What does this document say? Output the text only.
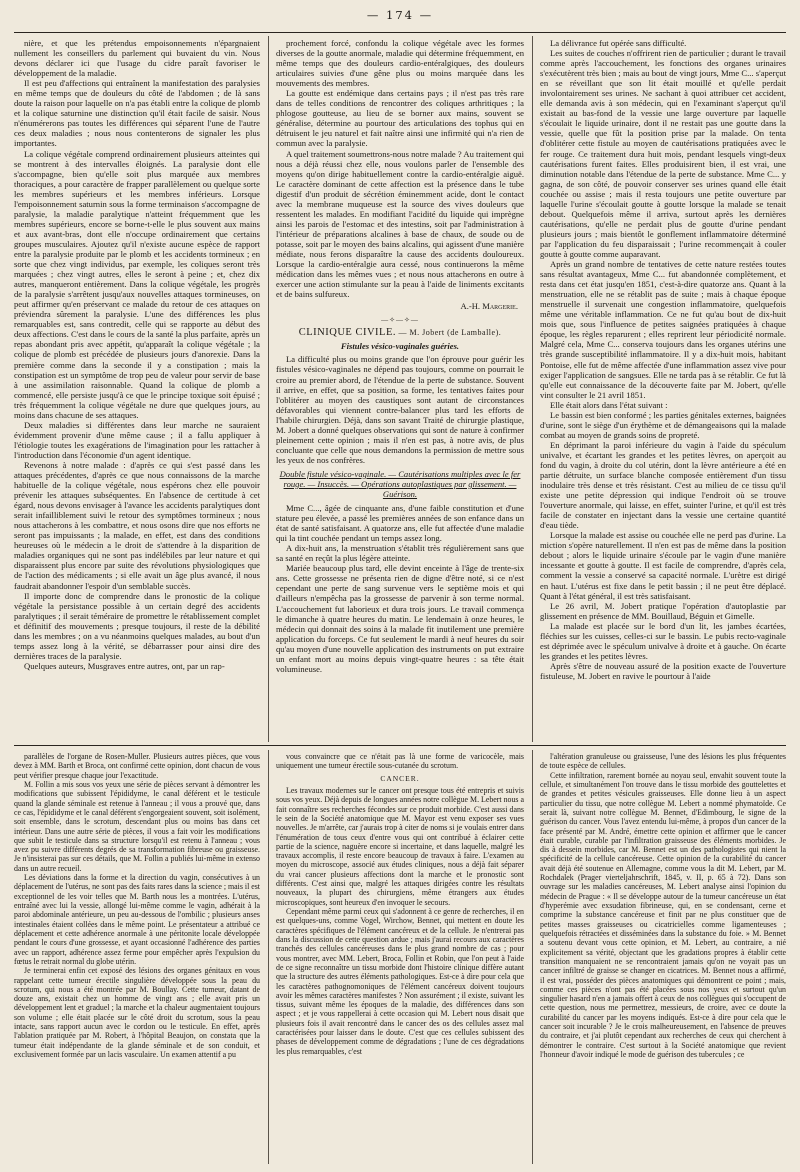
— 174 —

nière, et que les prétendus empoisonnements n'épargnaient nullement les conseillers du parlement qui buvaient du vin. Nous devons déclarer ici que l'usage du cidre paraît favoriser le développement de la maladie.

Il est peu d'affections qui entraînent la manifestation des paralysies en même temps que de douleurs du côté de l'abdomen ; de là sans doute la raison pour laquelle on n'a pas établi entre la colique de plomb et la colique saturnine une distinction qu'il était facile de saisir. Nous n'énumérerons pas toutes les différences qui séparent l'une de l'autre ces deux maladies ; nous nous contenterons de signaler les plus importantes.

La colique végétale comprend ordinairement plusieurs atteintes qui se montrent à des intervalles éloignés. La paralysie dont elle s'accompagne, bien qu'elle soit plus marquée aux membres thoraciques, a pour caractère de frapper parallèlement ou quelque sorte les membres supérieurs et les membres inférieurs. Lorsque l'empoisonnement saturnin sous la forme terminaison s'accompagne de paralysie, la maladie paralytique n'atteint fréquemment que les membres supérieurs, encore se borne-t-elle le plus souvent aux mains et aux avant-bras, dont elle n'occupe ordinairement que certains groupes musculaires. Ajoutez qu'il n'existe aucune espèce de rapport entre la paralysie produite par le plomb et les accidents tormineux ; en sorte que chez vingt individus, par exemple, les coliques seront très marquées ; chez vingt autres, elles le seront à peine ; et, chez dix autres, manqueront entièrement. Dans la colique végétale, les progrès de la paralysie s'arrêtent jusqu'aux nouvelles attaques tormineuses, on peut affirmer qu'en préservant ce malade du retour de ces attaques on préviendra sûrement la paralysie. L'une des différences les plus remarquables est, sans contredit, celle qui se rapporte au début des deux affections. C'est dans le cours de la santé la plus parfaite, après un repas abondant pris avec appétit, qu'apparaît la colique végétale ; la colique de plomb est précédée de plusieurs jours d'anorexie. Dans la première comme dans la seconde il y a constipation ; mais la constipation est un symptôme de trop peu de valeur pour servir de base à une assimilation raisonnable. Quand la colique de plomb a commencé, elle persiste jusqu'à ce que le principe toxique soit épuisé ; très fréquemment la colique végétale ne dure que quelques jours, au moins dans chacune de ses attaques.

Deux maladies si différentes dans leur marche ne sauraient évidemment provenir d'une même cause ; il a fallu appliquer à l'étiologie toutes les exagérations de l'imagination pour les rattacher à l'introduction dans l'économie d'un agent identique.

Revenons à notre malade : d'après ce qui s'est passé dans les attaques précédentes, d'après ce que nous connaissons de la marche habituelle de la colique végétale, nous espérons chez elle pouvoir prévenir les attaques subséquentes. En l'absence de certitude à cet égard, nous devons envisager à l'avance les accidents paralytiques dont serait infailliblement suivi le retour des symptômes tormineux ; nous nous attacherons à les combattre, et nous osons dire que nos efforts ne seront pas impuissants ; la malade, en effet, est dans des conditions heureuses où le médecin a le droit de s'attendre à la disparition de maladies organiques qui ne sont pas indélébiles par leur nature et qui disparaissent plus encore par suite des révolutions physiologiques que de l'action des médicaments ; si elle avait un âge plus avancé, il nous faudrait abandonner l'espoir d'un semblable succès.

Il importe donc de comprendre dans le pronostic de la colique végétale la persistance possible à un certain degré des accidents paralytiques ; il serait téméraire de promettre le rétablissement complet et définitif des mouvements ; presque toujours, il reste de la débilité dans les membres ; on a vu néanmoins quelques malades, au bout d'un temps assez long à la vérité, se débarrasser pour ainsi dire des dernières traces de la paralysie.

Quelques auteurs, Musgraves entre autres, ont, par un rap-

prochement forcé, confondu la colique végétale avec les formes diverses de la goutte anormale, maladie qui détermine fréquemment, en même temps que des douleurs cardio-entéralgiques, des douleurs articulaires suivies d'une gêne plus ou moins marquée dans les mouvements des membres.

La goutte est endémique dans certains pays ; il n'est pas très rare dans de telles conditions de rencontrer des coliques arthritiques ; la phlogose goutteuse, au lieu de se borner aux mains, souvent se généralise, détermine au pourtour des articulations des tophus qui en détruisent le jeu naturel et fait naître ainsi une infirmité qui n'a rien de commun avec la paralysie.

A quel traitement soumettrons-nous notre malade ? Au traitement qui nous a déjà réussi chez elle, nous voulons parler de l'ensemble des moyens qu'on dirige habituellement contre la cardio-entéralgie aiguë. Le caractère dominant de cette affection est la présence dans le tube digestif d'un produit de sécrétion éminemment acide, dont le contact avec la membrane muqueuse est la source des vives douleurs que ressentent les malades. En modifiant l'acidité du liquide qui imprègne ainsi les parois de l'estomac et des intestins, soit par l'administration à l'intérieur de préparations alcalines à base de chaux, de soude ou de potasse, soit par le moyen des bains alcalins, qui agissent d'une manière médiate, nous ferons disparaître la cause des accidents douloureux. Lorsque la cardio-entéralgie aura cessé, nous continuerons la même médication dans les mêmes vues ; et nous nous attacherons en outre à exercer une action stimulante sur la peau à l'aide de liniments excitants et de bains sulfureux.

A.-H. Margerie.

—✧—✧—

CLINIQUE CIVILE. — M. Jobert (de Lamballe).

Fistules vésico-vaginales guéries.

La difficulté plus ou moins grande que l'on éprouve pour guérir les fistules vésico-vaginales ne dépend pas toujours, comme on pourrait le croire au premier abord, de l'étendue de la perte de substance. Souvent il arrive, en effet, que sa position, sa forme, les tentatives faites pour l'oblitérer au moyen des caustiques sont autant de circonstances défavorables qui viennent contre-balancer plus tard les efforts de l'habile chirurgien. Déjà, dans son savant Traité de chirurgie plastique, M. Jobert a donné quelques observations qui sont de nature à confirmer pleinement cette opinion ; mais il n'en est pas, à notre avis, de plus concluante que celle que nous demandons la permission de mettre sous les yeux de nos confrères.

Double fistule vésico-vaginale. — Cautérisations multiples avec le fer rouge. — Insuccès. — Opérations autoplastiques par glissement. — Guérison.

Mme C..., âgée de cinquante ans, d'une faible constitution et d'une stature peu élevée, a passé les premières années de son enfance dans un état de santé satisfaisant. A quatorze ans, elle fut affectée d'une maladie qui la tint couchée pendant un temps assez long.

A dix-huit ans, la menstruation s'établit très régulièrement sans que sa santé en reçût la plus légère atteinte.

Mariée beaucoup plus tard, elle devint enceinte à l'âge de trente-six ans. Cette grossesse ne présenta rien de digne d'être noté, si ce n'est cependant une perte de sang survenue vers le septième mois et qui d'ailleurs n'empêcha pas la grossesse de parvenir à son terme normal. L'accouchement fut laborieux et dura trois jours. Le travail commença le dimanche à quatre heures du matin. Le lendemain à onze heures, le médecin qui donnait des soins à la malade fit inutilement une première application du forceps. Ce fut seulement le mardi à neuf heures du soir qu'au moyen d'une nouvelle application des instruments on put extraire un enfant mort au moins depuis vingt-quatre heures : sa tête était volumineuse.

La délivrance fut opérée sans difficulté.

Les suites de couches n'offrirent rien de particulier ; durant le travail comme après l'accouchement, les fonctions des organes urinaires s'exécutèrent très bien ; mais au bout de vingt jours, Mme C... s'aperçut en se réveillant que son lit était mouillé et qu'elle perdait involontairement ses urines. Ne sachant à quoi attribuer cet accident, elle demanda avis à son médecin, qui en l'examinant s'aperçut qu'il existait au bas-fond de la vessie une large ouverture par laquelle s'écoulait le liquide urinaire, dont il ne restait pas une goutte dans la vessie, quelle que fût la position prise par la malade. On tenta d'oblitérer cette fistule au moyen de cautérisations pratiquées avec le fer rouge. Ce traitement dura huit mois, pendant lesquels vingt-deux cautérisations furent faites. Elles produisirent bien, il est vrai, une diminution notable dans l'étendue de la perte de substance. Mme C... y gagna, de son côté, de pouvoir conserver ses urines quand elle était couchée ou assise ; mais il resta toujours une petite ouverture par laquelle l'urine s'écoulait goutte à goutte lorsque la malade se tenait debout. Quelquefois même il arriva, surtout après les dernières cautérisations, qu'elle ne perdait plus de goutte d'urine pendant plusieurs jours ; mais bientôt le gonflement inflammatoire déterminé par l'application du feu disparaissait ; l'urine recommençait à couler goutte à goutte comme auparavant.

Après un grand nombre de tentatives de cette nature restées toutes sans résultat avantageux, Mme C... fut abandonnée complètement, et resta dans cet état jusqu'en 1851, c'est-à-dire quatorze ans. Quant à la menstruation, elle ne se rétablit pas de suite ; mais à chaque époque menstruelle il survenait une congestion inflammatoire, quelquefois même une véritable inflammation. Ce ne fut qu'au bout de dix-huit mois que, sous l'influence de petites saignées pratiquées à chaque époque, les règles reparurent ; elles reprirent leur périodicité normale. Malgré cela, Mme C... conserva toujours dans les organes utérins une très grande susceptibilité inflammatoire. Il y a dix-huit mois, habitant Pontoise, elle fut de même affectée d'une inflammation assez vive pour exiger l'application de sangsues. Elle ne tarda pas à se rétablir. Ce fut là qu'elle eut connaissance de la découverte faite par M. Jobert, qu'elle vint consulter le 21 avril 1851.

Elle était alors dans l'état suivant :

Le bassin est bien conformé ; les parties génitales externes, baignées d'urine, sont le siège d'un érythème et de démangeaisons qui la malade combat au moyen de grands soins de propreté.

En déprimant la paroi inférieure du vagin à l'aide du spéculum univalve, et écartant les grandes et les petites lèvres, on aperçoit au fond du vagin, à droite du col utérin, dont la lèvre antérieure a été en partie détruite, un surface blanche composée entièrement d'un tissu inodulaire très dense et très résistant. C'est au milieu de ce tissu qu'il existe une petite dépression qui indique l'endroit où se trouve l'ouverture anormale, qui laisse, en effet, suinter l'urine, et qu'il est très facile de constater en injectant dans la vessie une certaine quantité d'eau tiède.

Lorsque la malade est assise ou couchée elle ne perd pas d'urine. La miction s'opère naturellement. Il n'en est pas de même dans la position debout ; alors le liquide urinaire s'écoule par le vagin d'une manière incessante et goutte à goutte. Il est facile de comprendre, d'après cela, comment la vessie a conservé sa capacité normale. L'urètre est dirigé en haut. L'utérus est fixe dans le petit bassin ; il ne peut être déplacé. Quant à l'état général, il est très satisfaisant.

Le 26 avril, M. Jobert pratique l'opération d'autoplastie par glissement en présence de MM. Bouillaud, Béguin et Gimelle.

La malade est placée sur le bord d'un lit, les jambes écartées, fléchies sur les cuisses, celles-ci sur le bassin. Le pubis recto-vaginale est déprimée avec le spéculum univalve à droite et à gauche. On écarte les grandes et les petites lèvres.

Après s'être de nouveau assuré de la position exacte de l'ouverture fistuleuse, M. Jobert en ravive le pourtour à l'aide

parallèles de l'organe de Rosen-Muller. Plusieurs autres pièces, que vous devez à MM. Barth et Broca, ont confirmé cette opinion, dont chacun de vous peut vérifier presque chaque jour l'exactitude.

M. Follin a mis sous vos yeux une série de pièces servant à démontrer les modifications que subissent l'épididyme, le canal déférent et le testicule quand la glande séminale est retenue à l'anneau ; il vous a prouvé que, dans ce cas, l'épididyme et le canal déférent s'engorgeaient souvent, soit isolément, soit ensemble, dans le scrotum, descendant plus ou moins bas dans cet intérieur. Dans une autre série de pièces, il vous a fait voir les modifications que subit le testicule dans sa structure lorsqu'il est retenu à l'anneau ; vous avez pu suivre différents degrés de sa transformation fibreuse ou graisseuse. Je n'insisterai pas sur ces détails, que M. Follin a publiés lui-même in extenso dans un autre recueil.

Les déviations dans la forme et la direction du vagin, consécutives à un déplacement de l'utérus, ne sont pas des faits rares dans la science ; mais il est exceptionnel de les voir telles que M. Barth nous les a montrées. L'utérus, entraîné avec lui la vessie, allongé lui-même comme le vagin, adhérait à la paroi abdominale antérieure, un peu au-dessous de l'ombilic ; plusieurs anses intestinales étaient collées dans le même point. Le présentateur a attribué ce déplacement et cette adhérence anormale à une péritonite locale développée pendant le cours d'une grossesse, et ayant occasionné l'adhérence des parties avec un rapport, adhérence assez ferme pour empêcher après l'expulsion du fœtus le retrait normal du globe utérin.

Je terminerai enfin cet exposé des lésions des organes génitaux en vous rappelant cette tumeur érectile singulière développée sous la peau du scrotum, qui nous a été montrée par M. Boullay. Cette tumeur, datant de douze ans, existait chez un homme de vingt ans ; elle avait pris un développement lent et graduel ; la marche et la chaleur augmentaient toujours son volume ; elle était placée sur le côté droit du scrotum, sous la peau intacte, sans rapport aucun avec le cordon ou le testicule. En effet, après l'ablation pratiquée par M. Robert, à l'hôpital Beaujon, on constata que la tumeur était indépendante de la glande séminale et de son conduit, et exclusivement formée par un lacis vasculaire. Un examen attentif a pu

vous convaincre que ce n'était pas là une forme de varicocèle, mais uniquement une tumeur érectile sous-cutanée du scrotum.

CANCER.

Les travaux modernes sur le cancer ont presque tous été entrepris et suivis sous vos yeux. Déjà depuis de longues années notre collègue M. Lebert nous a fait connaître ses recherches fécondes sur ce produit morbide. C'est aussi dans le sein de la Société anatomique que M. Mayor est venu exposer ses vues nouvelles. Je m'arrête, car j'aurais trop à citer de noms si je voulais entrer dans l'énumération de tous ceux d'entre vous qui ont contribué à éclairer cette partie de la science, naguère encore si incertaine, et dans laquelle, malgré les travaux accomplis, il reste encore beaucoup de travaux à faire. L'examen au moyen du microscope, associé aux études cliniques, nous a déjà fait séparer du vrai cancer plusieurs affections dont la marche et le pronostic sont différents. C'est ainsi que, malgré les attaques dirigées contre les résultats nouveaux, la plupart des chirurgiens, même étrangers aux études microscopiques, sont heureux d'en invoquer le secours.

Cependant même parmi ceux qui s'adonnent à ce genre de recherches, il en est quelques-uns, comme Vogel, Wirchow, Bennet, qui mettent en doute les caractères spécifiques de l'élément cancéreux et de la cellule. Je n'entrerai pas dans la discussion de cette question ardue ; mais j'aurai recours aux caractères tranchés des cellules cancéreuses dans le plus grand nombre de cas ; pour vous montrer, avec MM. Lebert, Broca, Follin et Robin, que l'on peut à l'aide de ce signe reconnaître un tissu morbide dont l'histoire clinique diffère autant que la structure des autres éléments pathologiques. Est-ce à dire pour cela que les caractères pathognomoniques de l'élément cancéreux doivent toujours avoir les mêmes caractères manifestes ? Non assurément ; il existe, suivant les tissus, suivant même les époques de la maladie, des différences dans son aspect ; et je vous rappellerai à cette occasion qui M. Lebert nous disait que plusieurs fois il avait rencontré dans le cancer des os des cellules assez mal caractérisées pour laisser dans le doute. C'est que ces cellules subissent des phases de développement comme de dégradations ; l'une de ces dégradations les plus remarquables, c'est

l'altération granuleuse ou graisseuse, l'une des lésions les plus fréquentes de toute espèce de cellules.

Cette infiltration, rarement bornée au noyau seul, envahit souvent toute la cellule, et simultanément l'on trouve dans le tissu morbide des gouttelettes et de grandes et petites vésicules graisseuses. Elle donne lieu à un aspect particulier du tissu, que notre collègue M. Lebert a nommé phymatoïde. Ce serait là, suivant notre collègue M. Bennet, d'Edimbourg, le signe de la guérison du cancer. Vous l'avez entendu lui-même, à propos d'un cancer de la face présenté par M. André, émettre cette opinion et affirmer que le cancer était curable, curable par l'infiltration graisseuse des éléments morbides. Je dis à dessein morbides, car M. Bennet est un des pathologistes qui nient la spécificité de la cellule cancéreuse. Cette opinion de la curabilité du cancer avait déjà été soutenue en Allemagne, comme vous la dit M. Lebert, par M. Rochdalek (Prager vierteljahrschrift, 1845, v. II, p. 65 à 72). Dans son ouvrage sur les maladies cancéreuses, M. Lebert analyse ainsi l'opinion du médecin de Prague : « Il se développe autour de la tumeur cancéreuse un état d'hyperémie avec exsudation fibrineuse, qui, en se condensant, cerne et comprime la substance cancéreuse et finit par ne plus constituer que de petites masses graisseuses ou cicatricielles comme ligamenteuses ; quelquefois rétractées et disséminées dans la substance du foie. » M. Bennet a soutenu devant vous cette opinion, et M. Lebert, au contraire, a nié explicitement sa vérité, objectant que les gradations propres à établir cette transition manquaient ne se rencontraient jamais qu'on ne voyait pas un cancer infiltré de graisse se changer en cicatrices. M. Bennet nous a affirmé, il est vrai, posséder des pièces anatomiques qui démontrent ce point ; mais, comme ces pièces n'ont pas été placées sous nos yeux et surtout qu'un singulier hasard n'en a jamais offert à ceux de nos collègues qui s'occupent de cette question, nous me permettrez, messieurs, de croire, avec ce doute la curabilité du cancer par les moyens indiqués. Est-ce à dire pour cela que le cancer soit incurable ? Je le crois malheureusement, en l'absence de preuves du contraire, et j'ai plutôt cependant aux recherches de ceux qui cherchent à démontrer le contraire. C'est surtout à la Société anatomique que revient l'honneur d'avoir indiqué le mode de guérison des tubercules ; ce
